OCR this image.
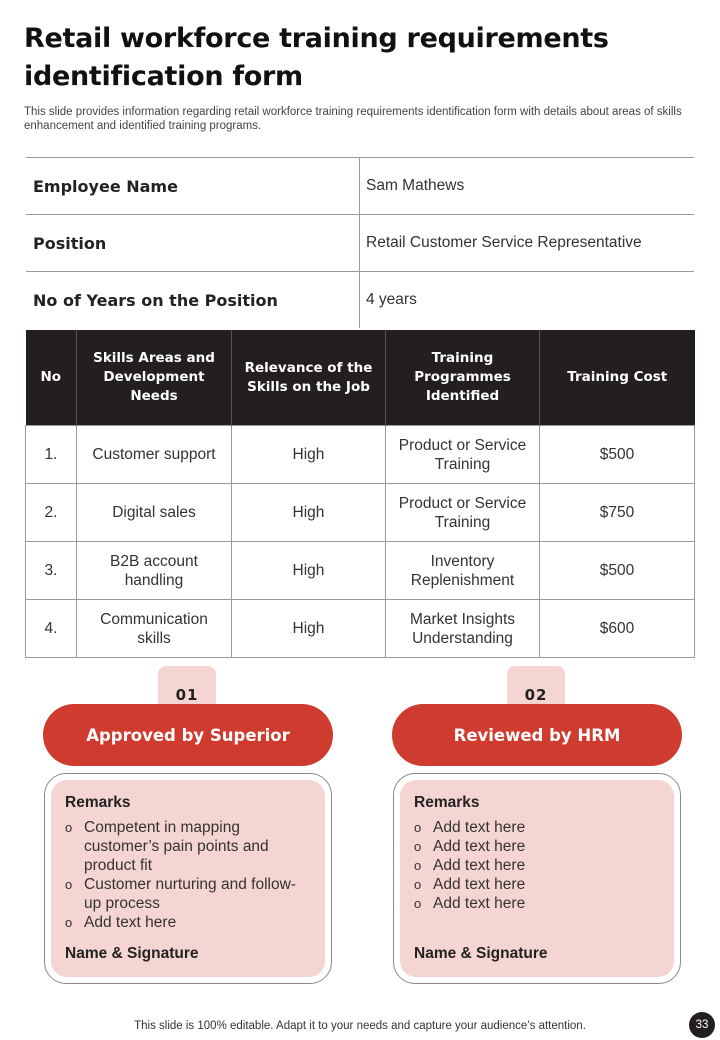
Retail workforce training requirements identification form

This slide provides information regarding retail workforce training requirements identification form with details about areas of skills enhancement and identified training programs.

Employee Name	Sam Mathews
Position	Retail Customer Service Representative
No of Years on the Position	4 years
No	Skills Areas and Development Needs	Relevance of the Skills on the Job	Training Programmes Identified	Training Cost
1.	Customer support	High	Product or Service Training	$500
2.	Digital sales	High	Product or Service Training	$750
3.	B2B account handling	High	Inventory Replenishment	$500
4.	Communication skills	High	Market Insights Understanding	$600
01
Approved by Superior
Remarks
o Competent in mapping customer’s pain points and product fit
o Customer nurturing and follow-up process
o Add text here
Name & Signature
02
Reviewed by HRM
Remarks
o Add text here
o Add text here
o Add text here
o Add text here
o Add text here
Name & Signature

This slide is 100% editable. Adapt it to your needs and capture your audience’s attention.	33
